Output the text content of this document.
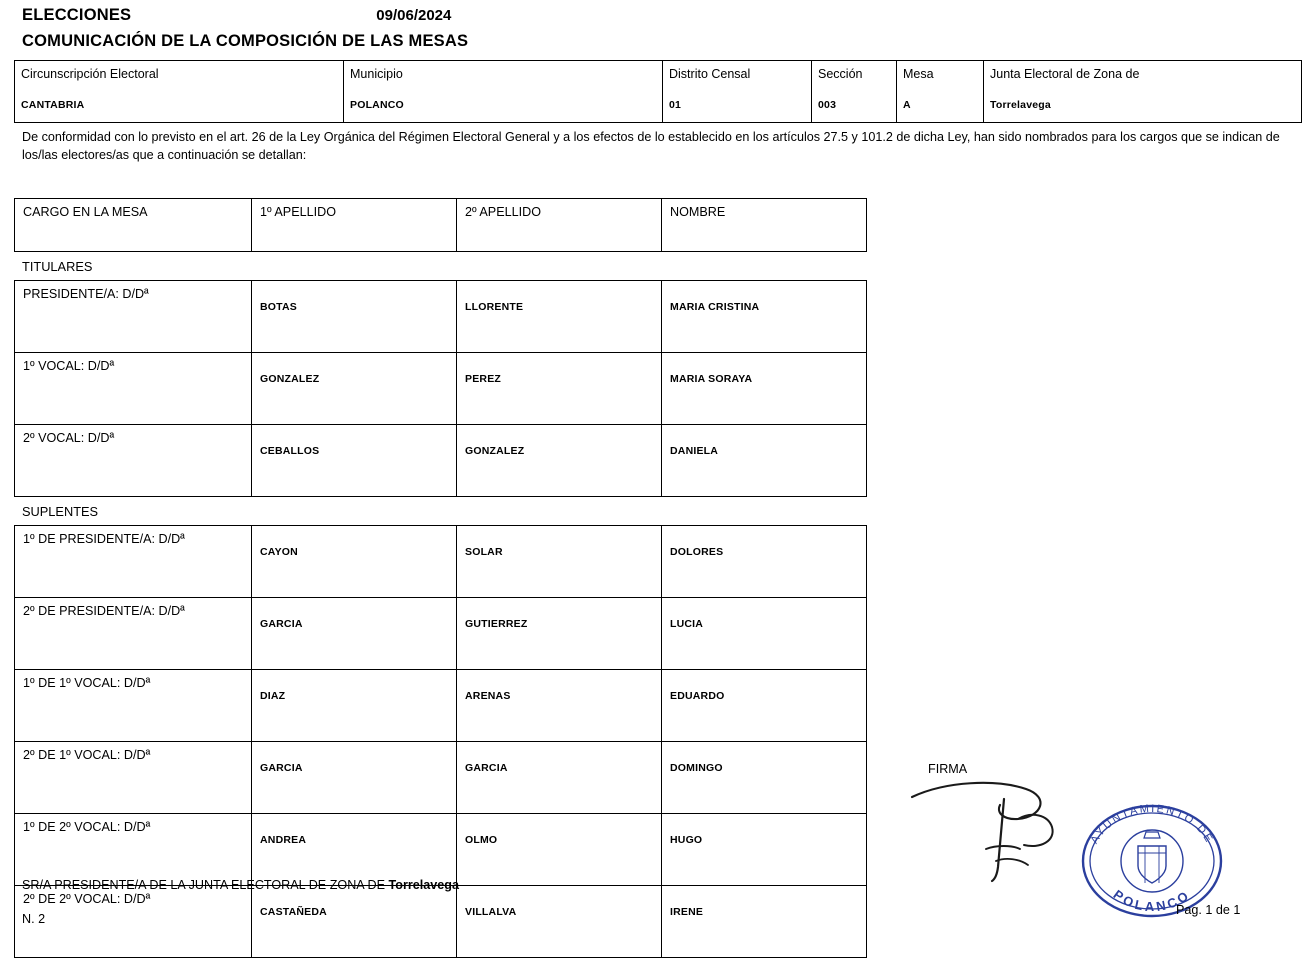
ELECCIONES	09/06/2024
COMUNICACIÓN DE LA COMPOSICIÓN DE LAS MESAS
Circunscripción Electoral
CANTABRIA

Municipio
POLANCO

Distrito Censal
01

Sección
003

Mesa
A

Junta Electoral de Zona de
Torrelavega
De conformidad con lo previsto en el art. 26 de la Ley Orgánica del Régimen Electoral General y a los efectos de lo establecido en los artículos 27.5 y 101.2 de dicha Ley, han sido nombrados para los cargos que se indican de los/las electores/as que a continuación se detallan:
CARGO EN LA MESA	1º APELLIDO	2º APELLIDO	NOMBRE
TITULARES
PRESIDENTE/A: D/Dª	BOTAS	LLORENTE	MARIA CRISTINA
1º VOCAL: D/Dª	GONZALEZ	PEREZ	MARIA SORAYA
2º VOCAL: D/Dª	CEBALLOS	GONZALEZ	DANIELA
SUPLENTES
1º DE PRESIDENTE/A: D/Dª	CAYON	SOLAR	DOLORES
2º DE PRESIDENTE/A: D/Dª	GARCIA	GUTIERREZ	LUCIA
1º DE 1º VOCAL: D/Dª	DIAZ	ARENAS	EDUARDO
2º DE 1º VOCAL: D/Dª	GARCIA	GARCIA	DOMINGO
1º DE 2º VOCAL: D/Dª	ANDREA	OLMO	HUGO
2º DE 2º VOCAL: D/Dª	CASTAÑEDA	VILLALVA	IRENE
FIRMA
AYUNTAMIENTO DE
POLANCO
SR/A PRESIDENTE/A DE LA JUNTA ELECTORAL DE ZONA DE Torrelavega
N. 2
Pag. 1 de 1
